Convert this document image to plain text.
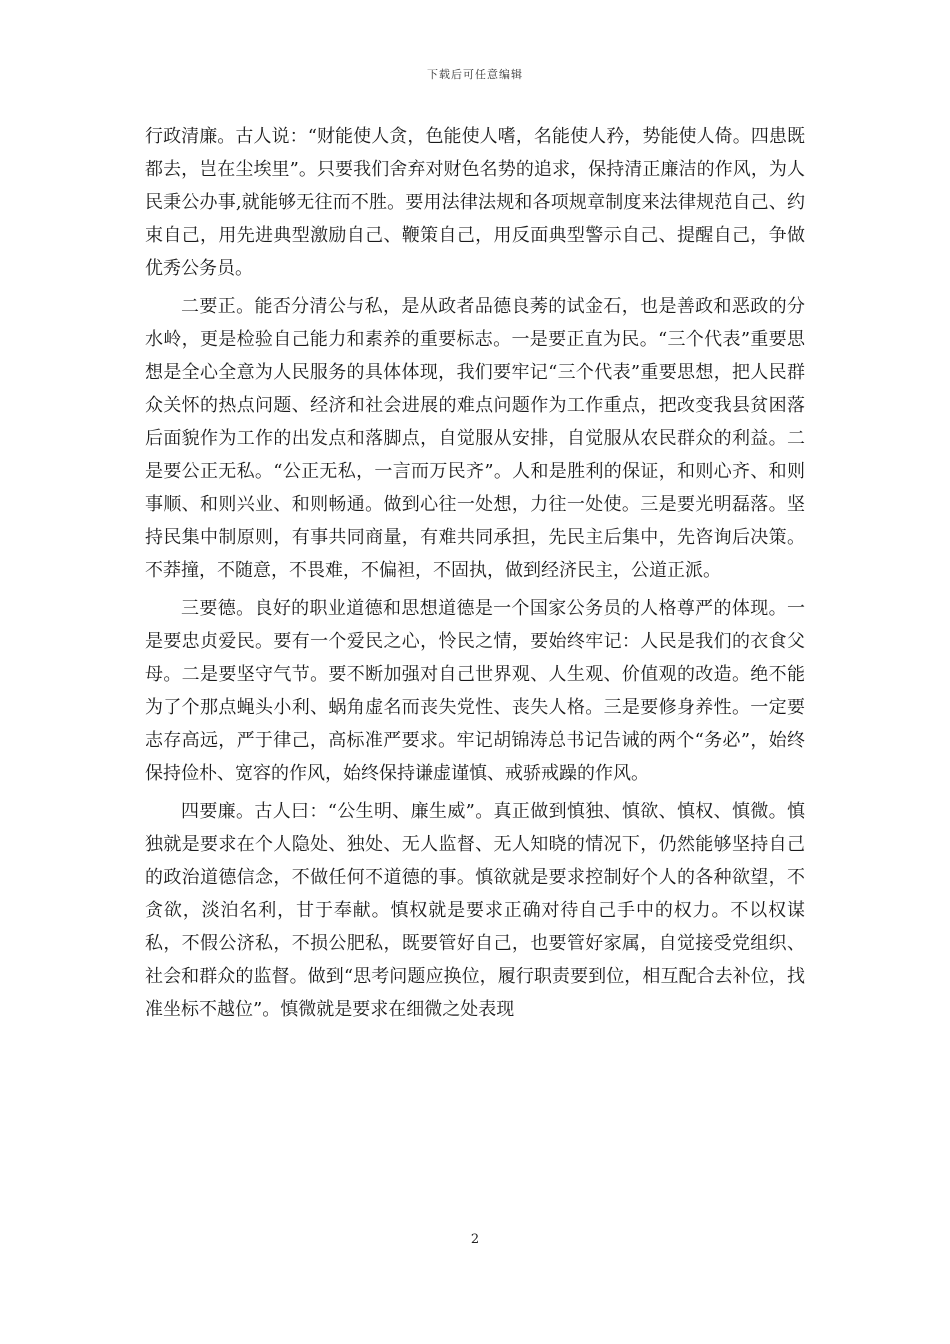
下载后可任意编辑

行政清廉。古人说：“财能使人贪，色能使人嗜，名能使人矜，势能使人倚。四患既都去，岂在尘埃里”。只要我们舍弃对财色名势的追求，保持清正廉洁的作风，为人民秉公办事,就能够无往而不胜。要用法律法规和各项规章制度来法律规范自己、约束自己，用先进典型激励自己、鞭策自己，用反面典型警示自己、提醒自己，争做优秀公务员。

二要正。能否分清公与私，是从政者品德良莠的试金石，也是善政和恶政的分水岭，更是检验自己能力和素养的重要标志。一是要正直为民。“三个代表”重要思想是全心全意为人民服务的具体体现，我们要牢记“三个代表”重要思想，把人民群众关怀的热点问题、经济和社会进展的难点问题作为工作重点，把改变我县贫困落后面貌作为工作的出发点和落脚点，自觉服从安排，自觉服从农民群众的利益。二是要公正无私。“公正无私，一言而万民齐”。人和是胜利的保证，和则心齐、和则事顺、和则兴业、和则畅通。做到心往一处想，力往一处使。三是要光明磊落。坚持民集中制原则，有事共同商量，有难共同承担，先民主后集中，先咨询后决策。不莽撞，不随意，不畏难，不偏袒，不固执，做到经济民主，公道正派。

三要德。良好的职业道德和思想道德是一个国家公务员的人格尊严的体现。一是要忠贞爱民。要有一个爱民之心，怜民之情，要始终牢记：人民是我们的衣食父母。二是要坚守气节。要不断加强对自己世界观、人生观、价值观的改造。绝不能为了个那点蝇头小利、蜗角虚名而丧失党性、丧失人格。三是要修身养性。一定要志存高远，严于律己，高标准严要求。牢记胡锦涛总书记告诫的两个“务必”，始终保持俭朴、宽容的作风，始终保持谦虚谨慎、戒骄戒躁的作风。

四要廉。古人曰：“公生明、廉生威”。真正做到慎独、慎欲、慎权、慎微。慎独就是要求在个人隐处、独处、无人监督、无人知晓的情况下，仍然能够坚持自己的政治道德信念，不做任何不道德的事。慎欲就是要求控制好个人的各种欲望，不贪欲，淡泊名利，甘于奉献。慎权就是要求正确对待自己手中的权力。不以权谋私，不假公济私，不损公肥私，既要管好自己，也要管好家属，自觉接受党组织、社会和群众的监督。做到“思考问题应换位，履行职责要到位，相互配合去补位，找准坐标不越位”。慎微就是要求在细微之处表现

2
